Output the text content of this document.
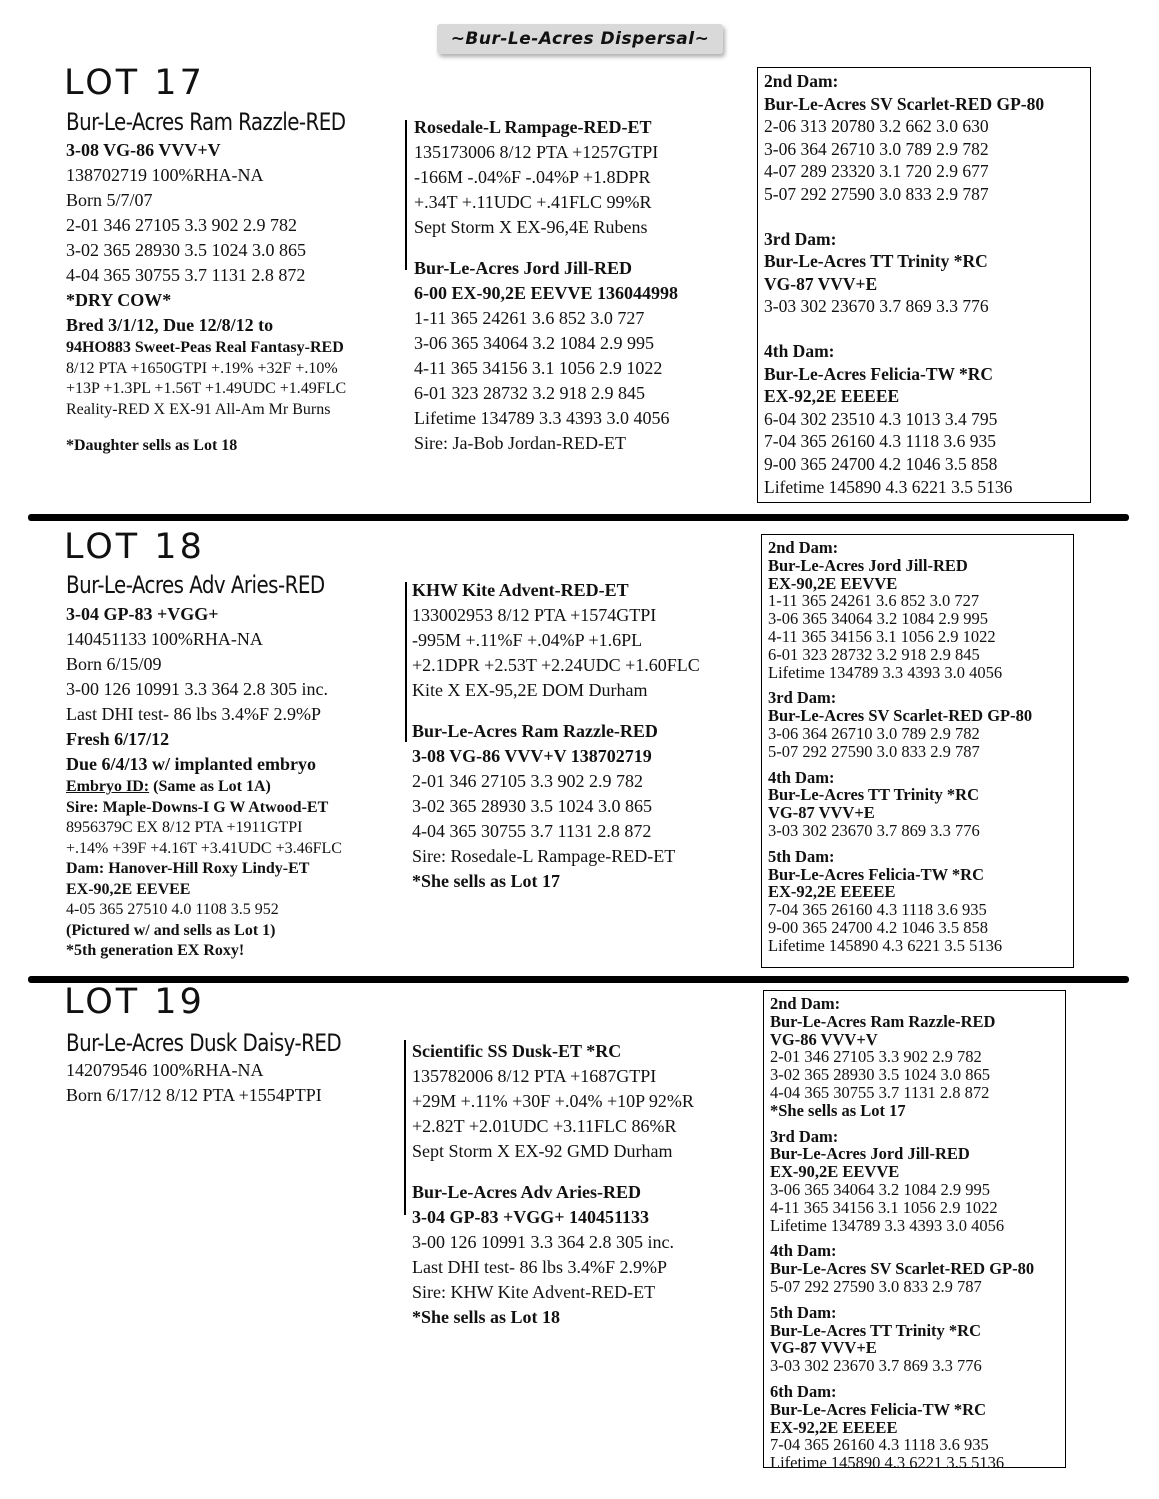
~Bur-Le-Acres Dispersal~
LOT 17
Bur-Le-Acres Ram Razzle-RED
3-08 VG-86 VVV+V
138702719 100%RHA-NA
Born 5/7/07
2-01 346 27105 3.3 902 2.9 782
3-02 365 28930 3.5 1024 3.0 865
4-04 365 30755 3.7 1131 2.8 872
*DRY COW*
Bred 3/1/12, Due 12/8/12 to
94HO883 Sweet-Peas Real Fantasy-RED
8/12 PTA +1650GTPI +.19% +32F +.10%
+13P +1.3PL +1.56T +1.49UDC +1.49FLC
Reality-RED X EX-91 All-Am Mr Burns
*Daughter sells as Lot 18
Rosedale-L Rampage-RED-ET
135173006 8/12 PTA +1257GTPI
-166M -.04%F -.04%P +1.8DPR
+.34T +.11UDC +.41FLC 99%R
Sept Storm X EX-96,4E Rubens
Bur-Le-Acres Jord Jill-RED
6-00 EX-90,2E EEVVE 136044998
1-11 365 24261 3.6 852 3.0 727
3-06 365 34064 3.2 1084 2.9 995
4-11 365 34156 3.1 1056 2.9 1022
6-01 323 28732 3.2 918 2.9 845
Lifetime 134789 3.3 4393 3.0 4056
Sire: Ja-Bob Jordan-RED-ET
2nd Dam:
Bur-Le-Acres SV Scarlet-RED GP-80
2-06 313 20780 3.2 662 3.0 630
3-06 364 26710 3.0 789 2.9 782
4-07 289 23320 3.1 720 2.9 677
5-07 292 27590 3.0 833 2.9 787
3rd Dam:
Bur-Le-Acres TT Trinity *RC
VG-87 VVV+E
3-03 302 23670 3.7 869 3.3 776
4th Dam:
Bur-Le-Acres Felicia-TW *RC
EX-92,2E EEEEE
6-04 302 23510 4.3 1013 3.4 795
7-04 365 26160 4.3 1118 3.6 935
9-00 365 24700 4.2 1046 3.5 858
Lifetime 145890 4.3 6221 3.5 5136
LOT 18
Bur-Le-Acres Adv Aries-RED
3-04 GP-83 +VGG+
140451133 100%RHA-NA
Born 6/15/09
3-00 126 10991 3.3 364 2.8 305 inc.
Last DHI test- 86 lbs 3.4%F 2.9%P
Fresh 6/17/12
Due 6/4/13 w/ implanted embryo
Embryo ID: (Same as Lot 1A)
Sire: Maple-Downs-I G W Atwood-ET
8956379C EX 8/12 PTA +1911GTPI
+.14% +39F +4.16T +3.41UDC +3.46FLC
Dam: Hanover-Hill Roxy Lindy-ET
EX-90,2E EEVEE
4-05 365 27510 4.0 1108 3.5 952
(Pictured w/ and sells as Lot 1)
*5th generation EX Roxy!
KHW Kite Advent-RED-ET
133002953 8/12 PTA +1574GTPI
-995M +.11%F +.04%P +1.6PL
+2.1DPR +2.53T +2.24UDC +1.60FLC
Kite X EX-95,2E DOM Durham
Bur-Le-Acres Ram Razzle-RED
3-08 VG-86 VVV+V 138702719
2-01 346 27105 3.3 902 2.9 782
3-02 365 28930 3.5 1024 3.0 865
4-04 365 30755 3.7 1131 2.8 872
Sire: Rosedale-L Rampage-RED-ET
*She sells as Lot 17
2nd Dam:
Bur-Le-Acres Jord Jill-RED
EX-90,2E EEVVE
1-11 365 24261 3.6 852 3.0 727
3-06 365 34064 3.2 1084 2.9 995
4-11 365 34156 3.1 1056 2.9 1022
6-01 323 28732 3.2 918 2.9 845
Lifetime 134789 3.3 4393 3.0 4056
3rd Dam:
Bur-Le-Acres SV Scarlet-RED GP-80
3-06 364 26710 3.0 789 2.9 782
5-07 292 27590 3.0 833 2.9 787
4th Dam:
Bur-Le-Acres TT Trinity *RC
VG-87 VVV+E
3-03 302 23670 3.7 869 3.3 776
5th Dam:
Bur-Le-Acres Felicia-TW *RC
EX-92,2E EEEEE
7-04 365 26160 4.3 1118 3.6 935
9-00 365 24700 4.2 1046 3.5 858
Lifetime 145890 4.3 6221 3.5 5136
LOT 19
Bur-Le-Acres Dusk Daisy-RED
142079546 100%RHA-NA
Born 6/17/12 8/12 PTA +1554PTPI
Scientific SS Dusk-ET *RC
135782006 8/12 PTA +1687GTPI
+29M +.11% +30F +.04% +10P 92%R
+2.82T +2.01UDC +3.11FLC 86%R
Sept Storm X EX-92 GMD Durham
Bur-Le-Acres Adv Aries-RED
3-04 GP-83 +VGG+ 140451133
3-00 126 10991 3.3 364 2.8 305 inc.
Last DHI test- 86 lbs 3.4%F 2.9%P
Sire: KHW Kite Advent-RED-ET
*She sells as Lot 18
2nd Dam:
Bur-Le-Acres Ram Razzle-RED
VG-86 VVV+V
2-01 346 27105 3.3 902 2.9 782
3-02 365 28930 3.5 1024 3.0 865
4-04 365 30755 3.7 1131 2.8 872
*She sells as Lot 17
3rd Dam:
Bur-Le-Acres Jord Jill-RED
EX-90,2E EEVVE
3-06 365 34064 3.2 1084 2.9 995
4-11 365 34156 3.1 1056 2.9 1022
Lifetime 134789 3.3 4393 3.0 4056
4th Dam:
Bur-Le-Acres SV Scarlet-RED GP-80
5-07 292 27590 3.0 833 2.9 787
5th Dam:
Bur-Le-Acres TT Trinity *RC
VG-87 VVV+E
3-03 302 23670 3.7 869 3.3 776
6th Dam:
Bur-Le-Acres Felicia-TW *RC
EX-92,2E EEEEE
7-04 365 26160 4.3 1118 3.6 935
Lifetime 145890 4.3 6221 3.5 5136
